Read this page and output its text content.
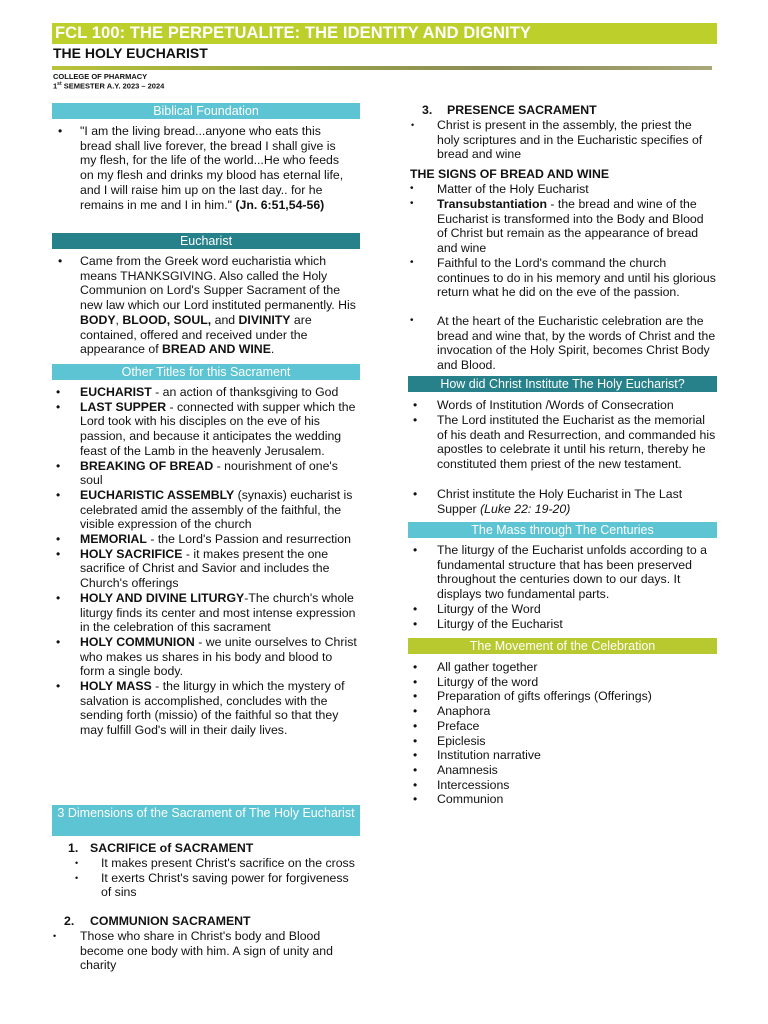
FCL 100: THE PERPETUALITE: THE IDENTITY AND DIGNITY
THE HOLY EUCHARIST
COLLEGE OF PHARMACY
1st SEMESTER A.Y. 2023 – 2024
Biblical Foundation
• "I am the living bread...anyone who eats this bread shall live forever, the bread I shall give is my flesh, for the life of the world...He who feeds on my flesh and drinks my blood has eternal life, and I will raise him up on the last day.. for he remains in me and I in him." (Jn. 6:51,54-56)
Eucharist
• Came from the Greek word eucharistia which means THANKSGIVING. Also called the Holy Communion on Lord's Supper Sacrament of the new law which our Lord instituted permanently. His BODY, BLOOD, SOUL, and DIVINITY are contained, offered and received under the appearance of BREAD AND WINE.
Other Titles for this Sacrament
• EUCHARIST - an action of thanksgiving to God
• LAST SUPPER - connected with supper which the Lord took with his disciples on the eve of his passion, and because it anticipates the wedding feast of the Lamb in the heavenly Jerusalem.
• BREAKING OF BREAD - nourishment of one's soul
• EUCHARISTIC ASSEMBLY (synaxis) eucharist is celebrated amid the assembly of the faithful, the visible expression of the church
• MEMORIAL - the Lord's Passion and resurrection
• HOLY SACRIFICE - it makes present the one sacrifice of Christ and Savior and includes the Church's offerings
• HOLY AND DIVINE LITURGY-The church's whole liturgy finds its center and most intense expression in the celebration of this sacrament
• HOLY COMMUNION - we unite ourselves to Christ who makes us shares in his body and blood to form a single body.
• HOLY MASS - the liturgy in which the mystery of salvation is accomplished, concludes with the sending forth (missio) of the faithful so that they may fulfill God's will in their daily lives.
3 Dimensions of the Sacrament of The Holy Eucharist
1. SACRIFICE of SACRAMENT
• It makes present Christ's sacrifice on the cross
• It exerts Christ's saving power for forgiveness of sins
2. COMMUNION SACRAMENT
• Those who share in Christ's body and Blood become one body with him. A sign of unity and charity
3. PRESENCE SACRAMENT
• Christ is present in the assembly, the priest the holy scriptures and in the Eucharistic specifies of bread and wine
THE SIGNS OF BREAD AND WINE
• Matter of the Holy Eucharist
• Transubstantiation - the bread and wine of the Eucharist is transformed into the Body and Blood of Christ but remain as the appearance of bread and wine
• Faithful to the Lord's command the church continues to do in his memory and until his glorious return what he did on the eve of the passion.
• At the heart of the Eucharistic celebration are the bread and wine that, by the words of Christ and the invocation of the Holy Spirit, becomes Christ Body and Blood.
How did Christ Institute The Holy Eucharist?
• Words of Institution /Words of Consecration
• The Lord instituted the Eucharist as the memorial of his death and Resurrection, and commanded his apostles to celebrate it until his return, thereby he constituted them priest of the new testament.
• Christ institute the Holy Eucharist in The Last Supper (Luke 22: 19-20)
The Mass through The Centuries
• The liturgy of the Eucharist unfolds according to a fundamental structure that has been preserved throughout the centuries down to our days. It displays two fundamental parts.
• Liturgy of the Word
• Liturgy of the Eucharist
The Movement of the Celebration
• All gather together
• Liturgy of the word
• Preparation of gifts offerings (Offerings)
• Anaphora
• Preface
• Epiclesis
• Institution narrative
• Anamnesis
• Intercessions
• Communion
